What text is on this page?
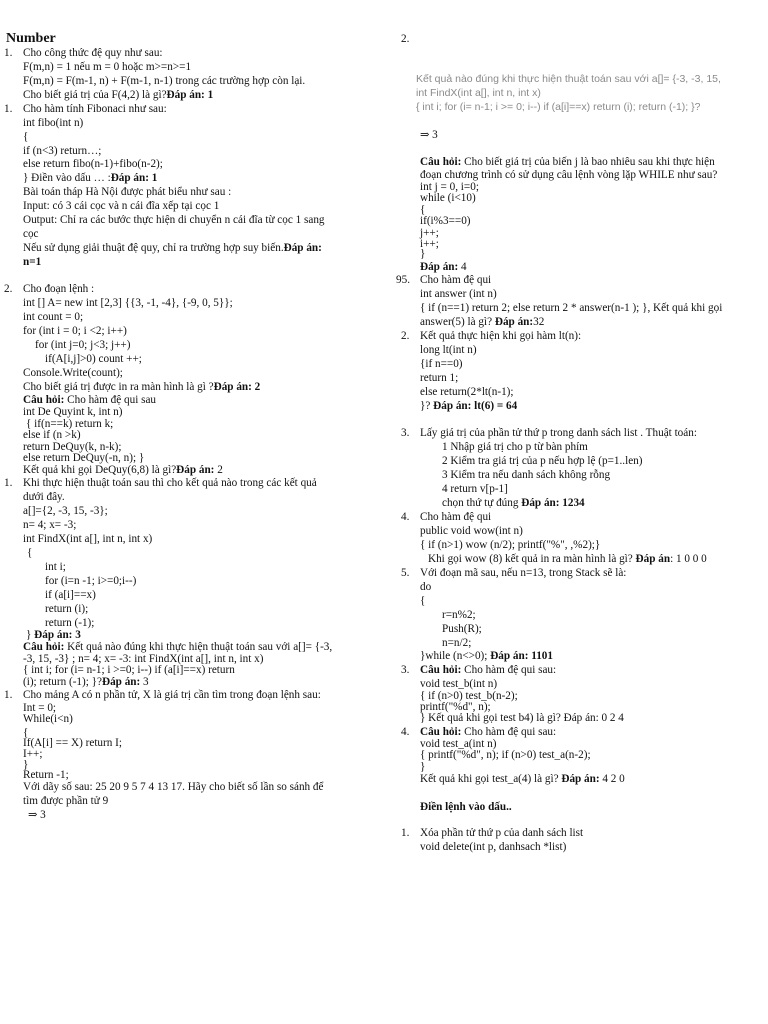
Number
1. Cho công thức đệ quy như sau:
F(m,n) = 1 nếu m = 0 hoặc m>=n>=1
F(m,n) = F(m-1, n) + F(m-1, n-1) trong các trường hợp còn lại.
Cho biết giá trị của F(4,2) là gì?Đáp án: 1
1. Cho hàm tính Fibonaci như sau:
int fibo(int n)
{
if (n<3) return…;
else return fibo(n-1)+fibo(n-2);
} Điền vào dấu … :Đáp án: 1
Bài toán tháp Hà Nội được phát biểu như sau :
Input: có 3 cái cọc và n cái đĩa xếp tại cọc 1
Output: Chỉ ra các bước thực hiện di chuyển n cái đĩa từ cọc 1 sang
cọc
Nếu sử dụng giải thuật đệ quy, chỉ ra trường hợp suy biến.Đáp án:
n=1
2. Cho đoạn lệnh :
int [] A= new int [2,3] {{3, -1, -4}, {-9, 0, 5}};
int count = 0;
for (int i = 0; i <2; i++)
for (int j=0; j<3; j++)
if(A[i,j]>0) count ++;
Console.Write(count);
Cho biết giá trị được in ra màn hình là gì ?Đáp án: 2
Câu hỏi: Cho hàm đệ qui sau
int De Quyint k, int n)
{ if(n==k) return k;
else if (n >k)
return DeQuy(k, n-k);
else return DeQuy(-n, n); }
Kết quả khi gọi DeQuy(6,8) là gì?Đáp án: 2
1. Khi thực hiện thuật toán sau thì cho kết quả nào trong các kết quả
dưới đây.
a[]={2, -3, 15, -3};
n= 4; x= -3;
int FindX(int a[], int n, int x)
{
int i;
for (i=n -1; i>=0;i--)
if (a[i]==x)
return (i);
return (-1);
} Đáp án: 3
Câu hỏi: Kết quả nào đúng khi thực hiện thuật toán sau với a[]= {-3,
-3, 15, -3} ; n= 4; x= -3: int FindX(int a[], int n, int x)
{ int i; for (i= n-1; i >=0; i--) if (a[i]==x) return
(i); return (-1); }?Đáp án: 3
1. Cho mảng A có n phần tử, X là giá trị cần tìm trong đoạn lệnh sau:
Int = 0;
While(i<n)
{
If(A[i] == X) return I;
I++;
}
Return -1;
Với dãy số sau: 25 20 9 5 7 4 13 17. Hãy cho biết số lần so sánh để
tìm được phần tử 9
⇒ 3
2.
Kết quả nào đúng khi thực hiện thuật toán sau với a[]= {-3, -3, 15,
int FindX(int a[], int n, int x)
{ int i; for (i= n-1; i >= 0; i--) if (a[i]==x) return (i); return (-1); }?
⇒ 3
Câu hỏi: Cho biết giá trị của biến j là bao nhiêu sau khi thực hiện
đoạn chương trình có sử dụng câu lệnh vòng lặp WHILE như sau?
int j = 0, i=0;
while (i<10)
{
if(i%3==0)
j++;
i++;
}
Đáp án: 4
95. Cho hàm đệ qui
int answer (int n)
{ if (n==1) return 2; else return 2 * answer(n-1 ); }, Kết quả khi gọi
answer(5) là gì? Đáp án:32
2. Kết quả thực hiện khi gọi hàm lt(n):
long lt(int n)
{if n==0)
return 1;
else return(2*lt(n-1);
}? Đáp án: lt(6) = 64
3. Lấy giá trị của phần tử thứ p trong danh sách list . Thuật toán:
1 Nhập giá trị cho p từ bàn phím
2 Kiểm tra giá trị của p nếu hợp lệ (p=1..len)
3 Kiểm tra nếu danh sách không rỗng
4 return v[p-1]
chọn thứ tự đúng Đáp án: 1234
4. Cho hàm đệ qui
public void wow(int n)
{ if (n>1) wow (n/2); printf("%", ,%2);}
Khi gọi wow (8) kết quả in ra màn hình là gì? Đáp án: 1 0 0 0
5. Với đoạn mã sau, nếu n=13, trong Stack sẽ là:
do
{
r=n%2;
Push(R);
n=n/2;
}while (n<>0); Đáp án: 1101
3. Câu hỏi: Cho hàm đệ qui sau:
void test_b(int n)
{ if (n>0) test_b(n-2);
printf("%d", n);
} Kết quả khi gọi test b4) là gì? Đáp án: 0 2 4
4. Câu hỏi: Cho hàm đệ qui sau:
void test_a(int n)
{ printf("%d", n); if (n>0) test_a(n-2);
}
Kết quả khi gọi test_a(4) là gì? Đáp án: 4 2 0
Điền lệnh vào dấu..
1. Xóa phần tử thứ p của danh sách list
void delete(int p, danhsach *list)
